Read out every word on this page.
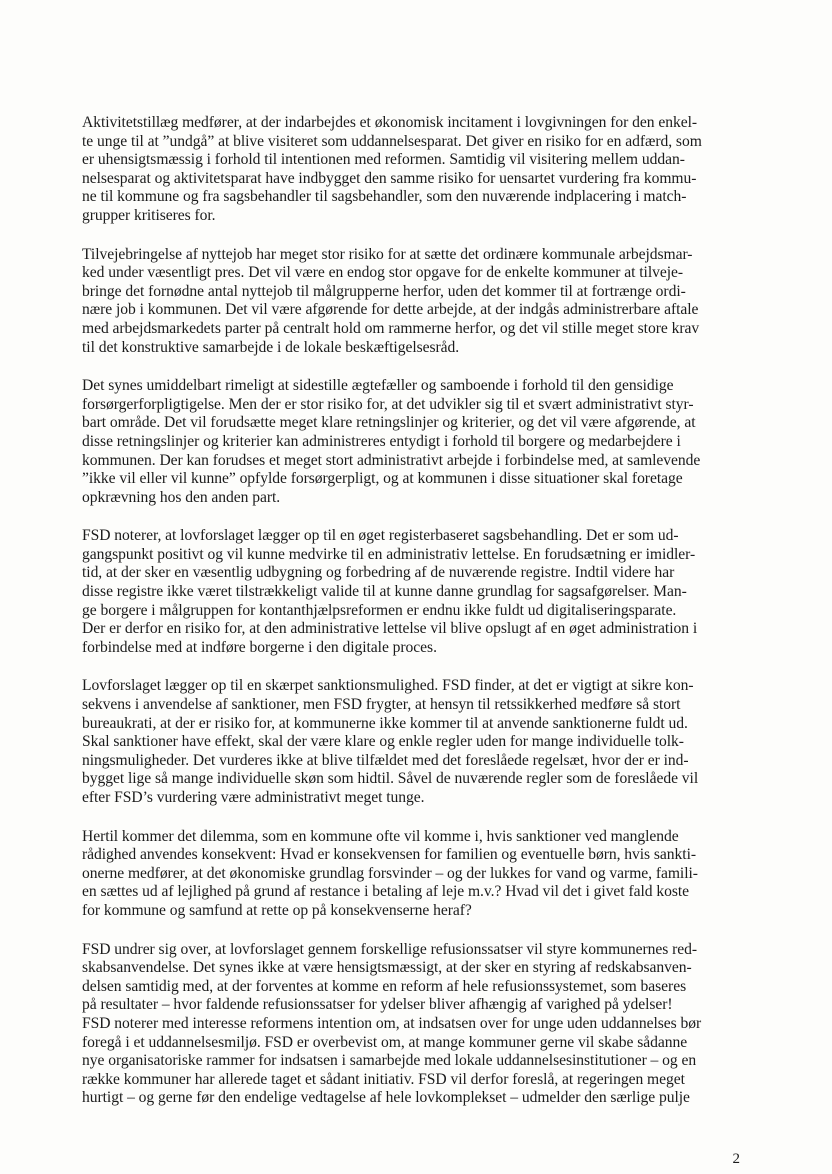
Aktivitetstillæg medfører, at der indarbejdes et økonomisk incitament i lovgivningen for den enkel-
te unge til at ”undgå” at blive visiteret som uddannelsesparat. Det giver en risiko for en adfærd, som
er uhensigtsmæssig i forhold til intentionen med reformen. Samtidig vil visitering mellem uddan-
nelsesparat og aktivitetsparat have indbygget den samme risiko for uensartet vurdering fra kommu-
ne til kommune og fra sagsbehandler til sagsbehandler, som den nuværende indplacering i match-
grupper kritiseres for.

Tilvejebringelse af nyttejob har meget stor risiko for at sætte det ordinære kommunale arbejdsmar-
ked under væsentligt pres. Det vil være en endog stor opgave for de enkelte kommuner at tilveje-
bringe det fornødne antal nyttejob til målgrupperne herfor, uden det kommer til at fortrænge ordi-
nære job i kommunen. Det vil være afgørende for dette arbejde, at der indgås administrerbare aftale
med arbejdsmarkedets parter på centralt hold om rammerne herfor, og det vil stille meget store krav
til det konstruktive samarbejde i de lokale beskæftigelsesråd.

Det synes umiddelbart rimeligt at sidestille ægtefæller og samboende i forhold til den gensidige
forsørgerforpligtigelse. Men der er stor risiko for, at det udvikler sig til et svært administrativt styr-
bart område. Det vil forudsætte meget klare retningslinjer og kriterier, og det vil være afgørende, at
disse retningslinjer og kriterier kan administreres entydigt i forhold til borgere og medarbejdere i
kommunen. Der kan forudses et meget stort administrativt arbejde i forbindelse med, at samlevende
”ikke vil eller vil kunne” opfylde forsørgerpligt, og at kommunen i disse situationer skal foretage
opkrævning hos den anden part.

FSD noterer, at lovforslaget lægger op til en øget registerbaseret sagsbehandling. Det er som ud-
gangspunkt positivt og vil kunne medvirke til en administrativ lettelse. En forudsætning er imidler-
tid, at der sker en væsentlig udbygning og forbedring af de nuværende registre. Indtil videre har
disse registre ikke været tilstrækkeligt valide til at kunne danne grundlag for sagsafgørelser. Man-
ge borgere i målgruppen for kontanthjælpsreformen er endnu ikke fuldt ud digitaliseringsparate.
Der er derfor en risiko for, at den administrative lettelse vil blive opslugt af en øget administration i
forbindelse med at indføre borgerne i den digitale proces.

Lovforslaget lægger op til en skærpet sanktionsmulighed. FSD finder, at det er vigtigt at sikre kon-
sekvens i anvendelse af sanktioner, men FSD frygter, at hensyn til retssikkerhed medføre så stort
bureaukrati, at der er risiko for, at kommunerne ikke kommer til at anvende sanktionerne fuldt ud.
Skal sanktioner have effekt, skal der være klare og enkle regler uden for mange individuelle tolk-
ningsmuligheder. Det vurderes ikke at blive tilfældet med det foreslåede regelsæt, hvor der er ind-
bygget lige så mange individuelle skøn som hidtil. Såvel de nuværende regler som de foreslåede vil
efter FSD’s vurdering være administrativt meget tunge.

Hertil kommer det dilemma, som en kommune ofte vil komme i, hvis sanktioner ved manglende
rådighed anvendes konsekvent: Hvad er konsekvensen for familien og eventuelle børn, hvis sankti-
onerne medfører, at det økonomiske grundlag forsvinder – og der lukkes for vand og varme, famili-
en sættes ud af lejlighed på grund af restance i betaling af leje m.v.? Hvad vil det i givet fald koste
for kommune og samfund at rette op på konsekvenserne heraf?

FSD undrer sig over, at lovforslaget gennem forskellige refusionssatser vil styre kommunernes red-
skabsanvendelse. Det synes ikke at være hensigtsmæssigt, at der sker en styring af redskabsanven-
delsen samtidig med, at der forventes at komme en reform af hele refusionssystemet, som baseres
på resultater – hvor faldende refusionssatser for ydelser bliver afhængig af varighed på ydelser!
FSD noterer med interesse reformens intention om, at indsatsen over for unge uden uddannelses bør
foregå i et uddannelsesmiljø. FSD er overbevist om, at mange kommuner gerne vil skabe sådanne
nye organisatoriske rammer for indsatsen i samarbejde med lokale uddannelsesinstitutioner – og en
række kommuner har allerede taget et sådant initiativ. FSD vil derfor foreslå, at regeringen meget
hurtigt – og gerne før den endelige vedtagelse af hele lovkomplekset – udmelder den særlige pulje

2
